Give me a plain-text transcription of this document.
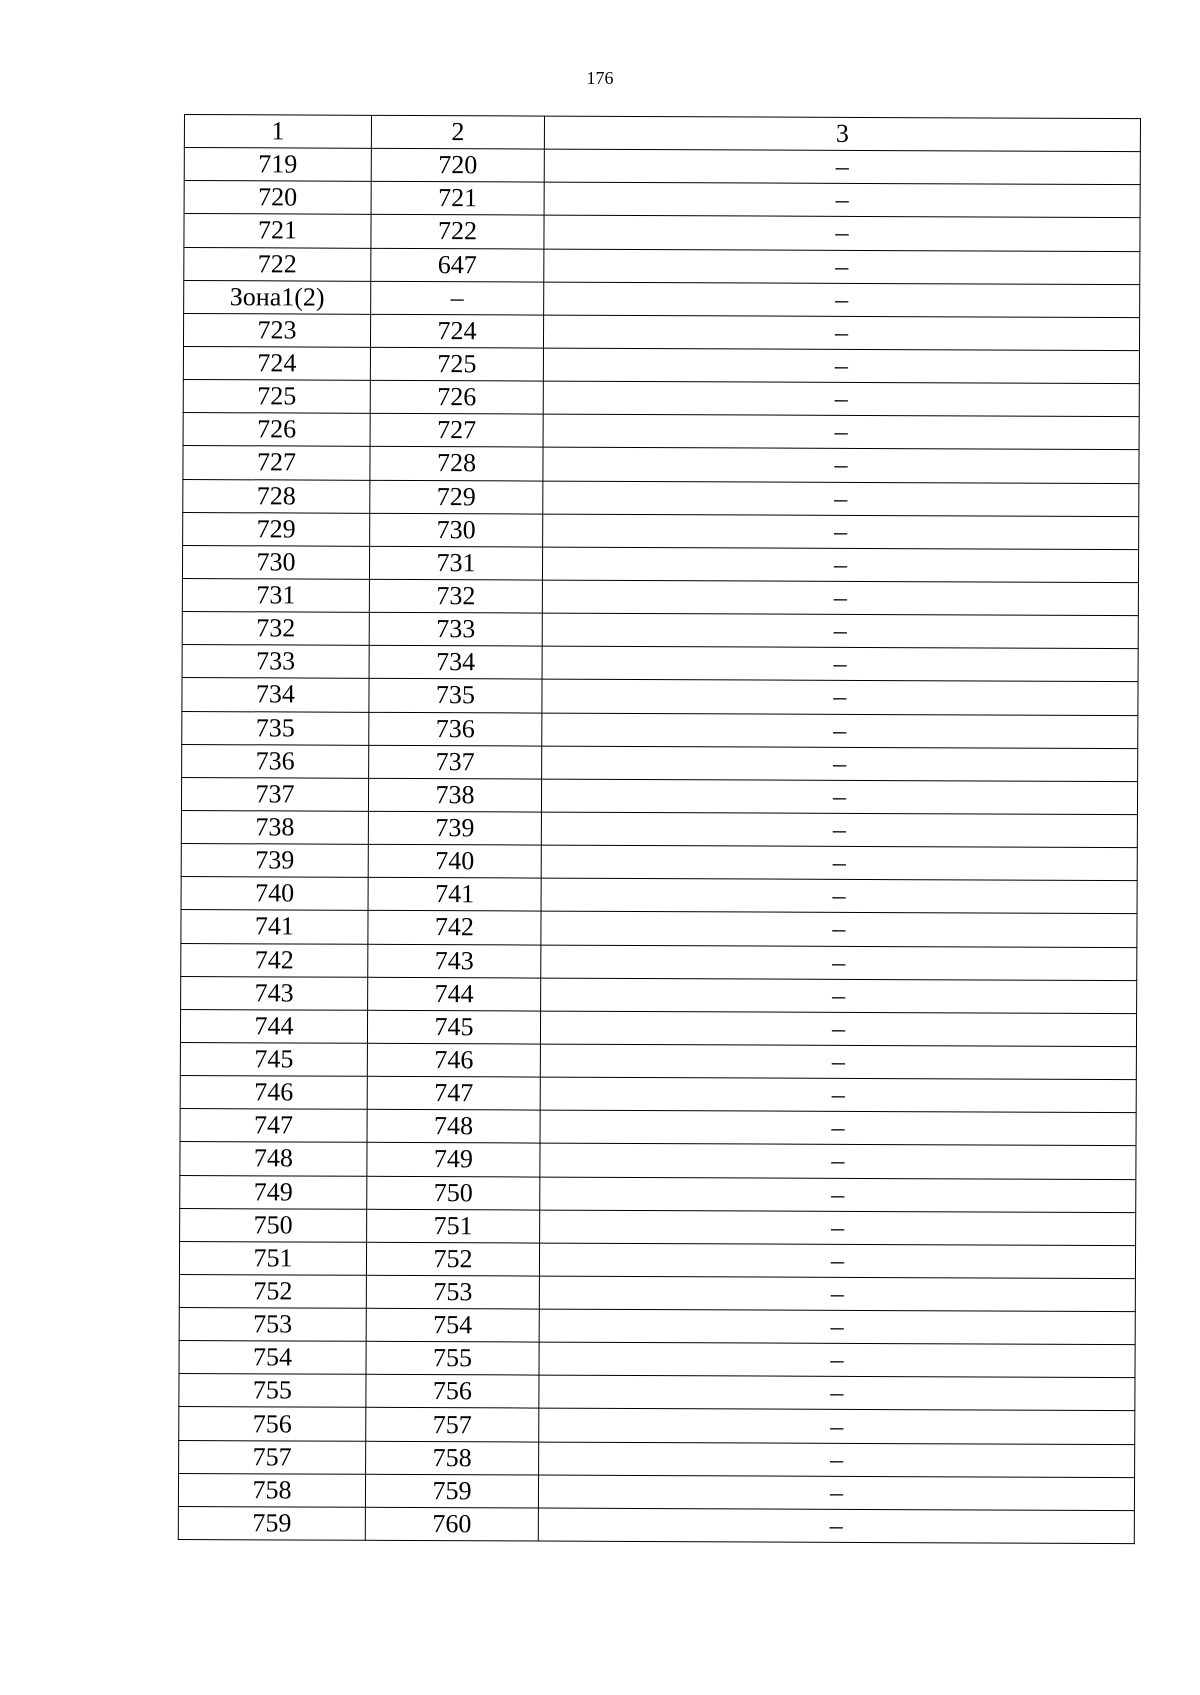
176
1	2	3
719	720	–
720	721	–
721	722	–
722	647	–
Зона1(2)	–	–
723	724	–
724	725	–
725	726	–
726	727	–
727	728	–
728	729	–
729	730	–
730	731	–
731	732	–
732	733	–
733	734	–
734	735	–
735	736	–
736	737	–
737	738	–
738	739	–
739	740	–
740	741	–
741	742	–
742	743	–
743	744	–
744	745	–
745	746	–
746	747	–
747	748	–
748	749	–
749	750	–
750	751	–
751	752	–
752	753	–
753	754	–
754	755	–
755	756	–
756	757	–
757	758	–
758	759	–
759	760	–
